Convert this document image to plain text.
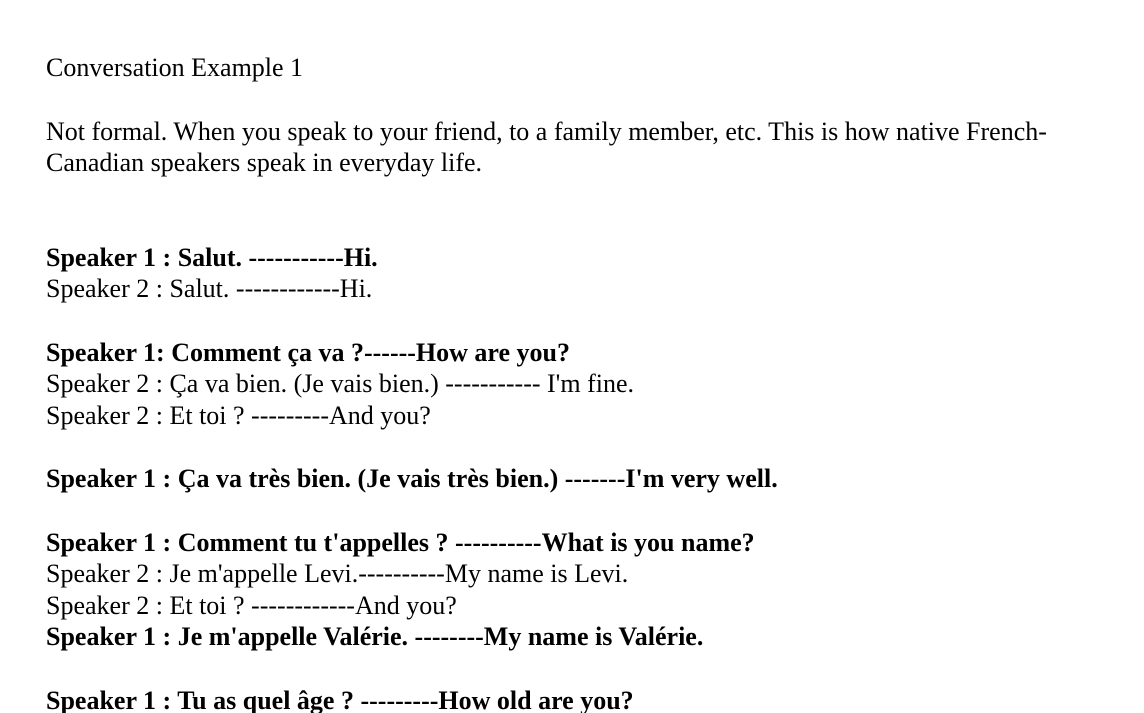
Conversation Example 1

Not formal. When you speak to your friend, to a family member, etc. This is how native French-
Canadian speakers speak in everyday life.

Speaker 1 : Salut. -----------Hi.
Speaker 2 : Salut. ------------Hi.
Speaker 1: Comment ça va ?------How are you?
Speaker 2 : Ça va bien. (Je vais bien.) ----------- I'm fine.
Speaker 2 : Et toi ? ---------And you?
Speaker 1 : Ça va très bien. (Je vais très bien.) -------I'm very well.
Speaker 1 : Comment tu t'appelles ? ----------What is you name?
Speaker 2 : Je m'appelle Levi.----------My name is Levi.
Speaker 2 : Et toi ? ------------And you?
Speaker 1 : Je m'appelle Valérie. --------My name is Valérie.
Speaker 1 : Tu as quel âge ? ---------How old are you?
